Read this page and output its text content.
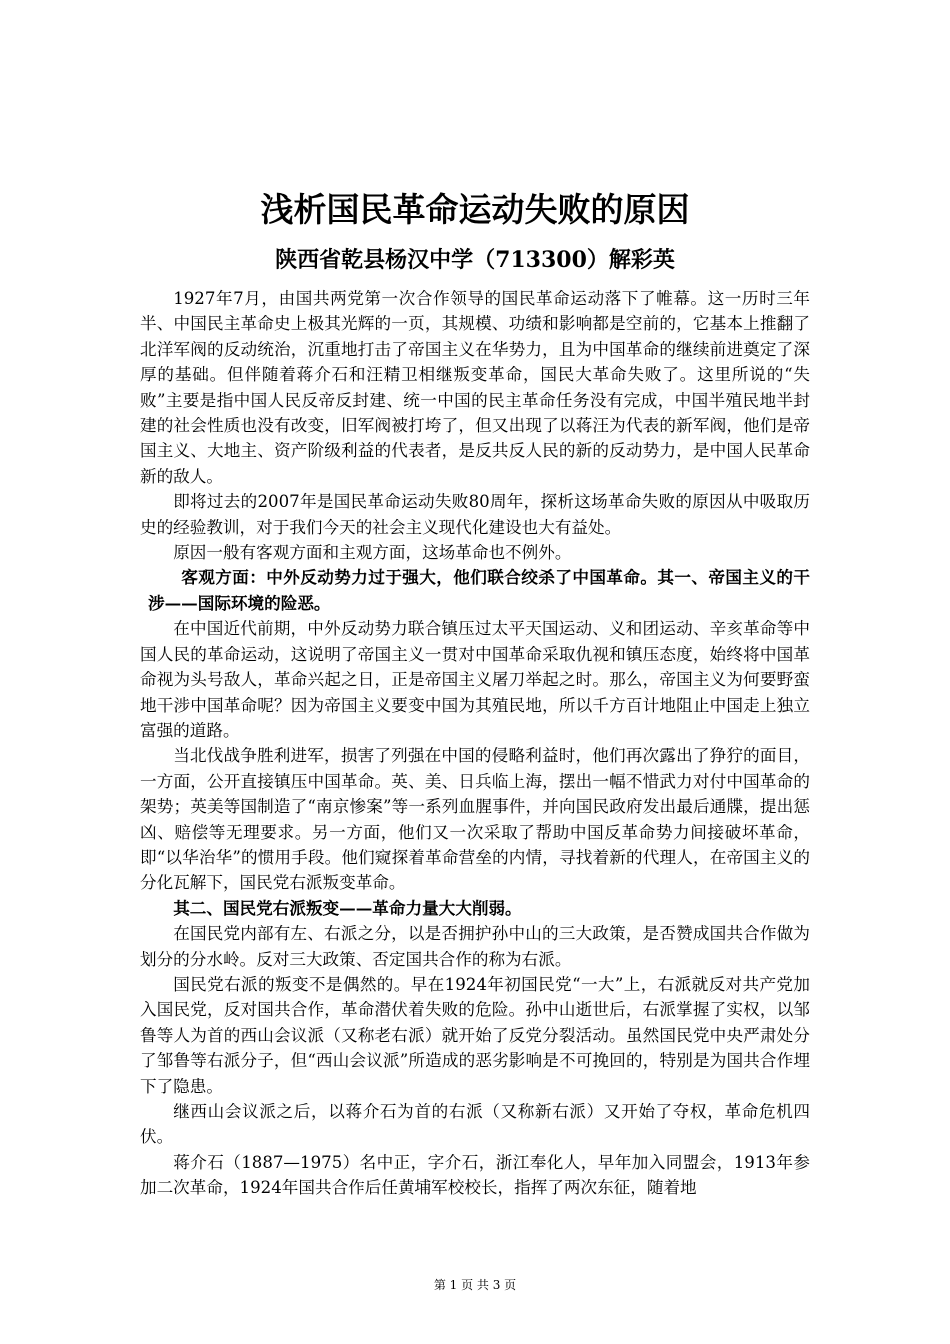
浅析国民革命运动失败的原因
陕西省乾县杨汉中学（713300）解彩英

1927年7月，由国共两党第一次合作领导的国民革命运动落下了帷幕。这一历时三年半、中国民主革命史上极其光辉的一页，其规模、功绩和影响都是空前的，它基本上推翻了北洋军阀的反动统治，沉重地打击了帝国主义在华势力，且为中国革命的继续前进奠定了深厚的基础。但伴随着蒋介石和汪精卫相继叛变革命，国民大革命失败了。这里所说的“失败”主要是指中国人民反帝反封建、统一中国的民主革命任务没有完成，中国半殖民地半封建的社会性质也没有改变，旧军阀被打垮了，但又出现了以蒋汪为代表的新军阀，他们是帝国主义、大地主、资产阶级利益的代表者，是反共反人民的新的反动势力，是中国人民革命新的敌人。

即将过去的2007年是国民革命运动失败80周年，探析这场革命失败的原因从中吸取历史的经验教训，对于我们今天的社会主义现代化建设也大有益处。

原因一般有客观方面和主观方面，这场革命也不例外。

客观方面：中外反动势力过于强大，他们联合绞杀了中国革命。其一、帝国主义的干涉——国际环境的险恶。

在中国近代前期，中外反动势力联合镇压过太平天国运动、义和团运动、辛亥革命等中国人民的革命运动，这说明了帝国主义一贯对中国革命采取仇视和镇压态度，始终将中国革命视为头号敌人，革命兴起之日，正是帝国主义屠刀举起之时。那么，帝国主义为何要野蛮地干涉中国革命呢？因为帝国主义要变中国为其殖民地，所以千方百计地阻止中国走上独立富强的道路。

当北伐战争胜利进军，损害了列强在中国的侵略利益时，他们再次露出了狰狞的面目，一方面，公开直接镇压中国革命。英、美、日兵临上海，摆出一幅不惜武力对付中国革命的架势；英美等国制造了“南京惨案”等一系列血腥事件，并向国民政府发出最后通牒，提出惩凶、赔偿等无理要求。另一方面，他们又一次采取了帮助中国反革命势力间接破坏革命，即“以华治华”的惯用手段。他们窥探着革命营垒的内情，寻找着新的代理人，在帝国主义的分化瓦解下，国民党右派叛变革命。

其二、国民党右派叛变——革命力量大大削弱。

在国民党内部有左、右派之分，以是否拥护孙中山的三大政策，是否赞成国共合作做为划分的分水岭。反对三大政策、否定国共合作的称为右派。

国民党右派的叛变不是偶然的。早在1924年初国民党“一大”上，右派就反对共产党加入国民党，反对国共合作，革命潜伏着失败的危险。孙中山逝世后，右派掌握了实权，以邹鲁等人为首的西山会议派（又称老右派）就开始了反党分裂活动。虽然国民党中央严肃处分了邹鲁等右派分子，但“西山会议派”所造成的恶劣影响是不可挽回的，特别是为国共合作埋下了隐患。

继西山会议派之后，以蒋介石为首的右派（又称新右派）又开始了夺权，革命危机四伏。

蒋介石（1887—1975）名中正，字介石，浙江奉化人，早年加入同盟会，1913年参加二次革命，1924年国共合作后任黄埔军校校长，指挥了两次东征，随着地

第 1 页 共 3 页
